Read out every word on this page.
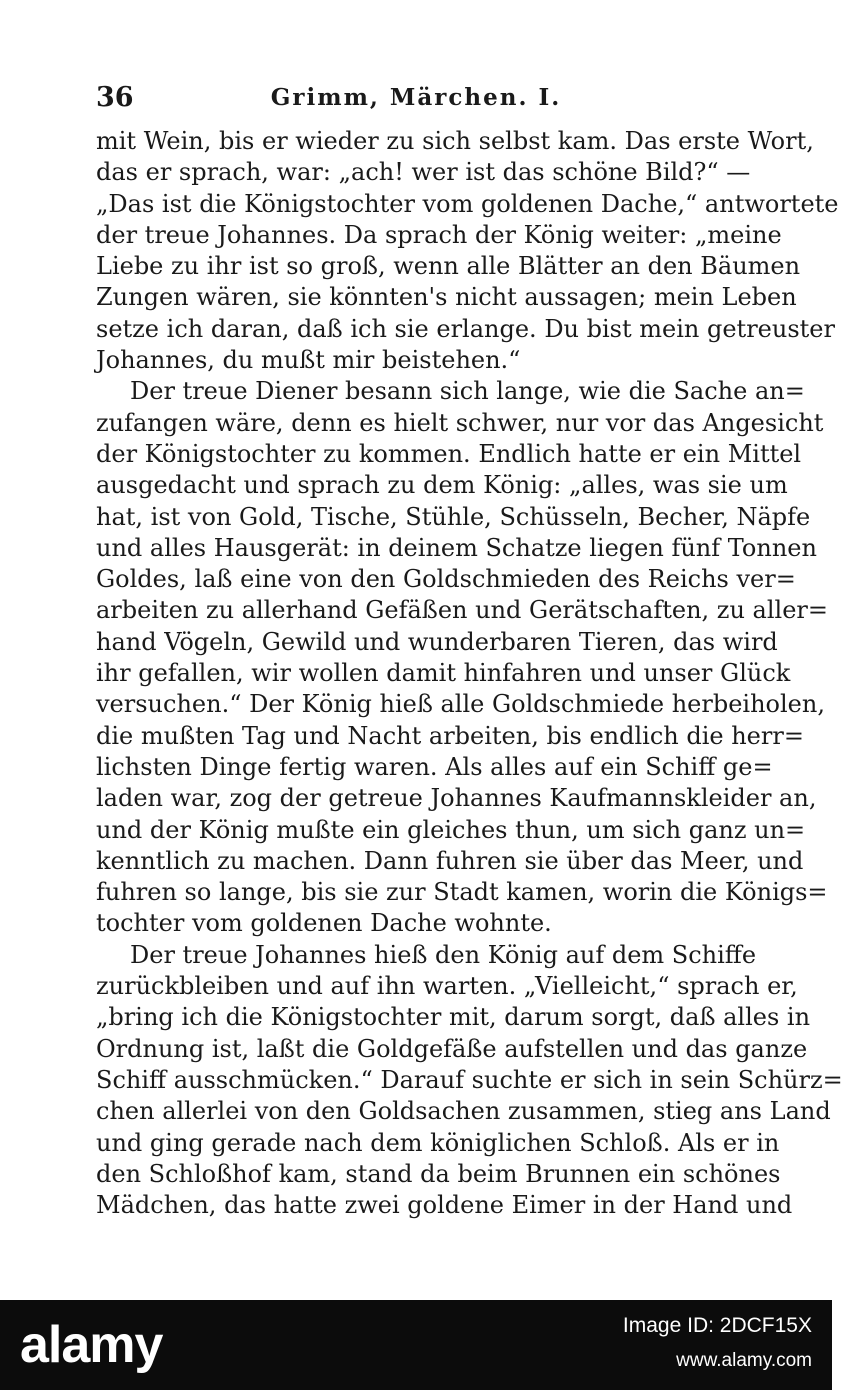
36	Grimm, Märchen. I.
mit Wein, bis er wieder zu sich selbst kam. Das erste Wort,
das er sprach, war: „ach! wer ist das schöne Bild?“ —
„Das ist die Königstochter vom goldenen Dache,“ antwortete
der treue Johannes. Da sprach der König weiter: „meine
Liebe zu ihr ist so groß, wenn alle Blätter an den Bäumen
Zungen wären, sie könnten's nicht aussagen; mein Leben
setze ich daran, daß ich sie erlange. Du bist mein getreuster
Johannes, du mußt mir beistehen.“
Der treue Diener besann sich lange, wie die Sache an=
zufangen wäre, denn es hielt schwer, nur vor das Angesicht
der Königstochter zu kommen. Endlich hatte er ein Mittel
ausgedacht und sprach zu dem König: „alles, was sie um
hat, ist von Gold, Tische, Stühle, Schüsseln, Becher, Näpfe
und alles Hausgerät: in deinem Schatze liegen fünf Tonnen
Goldes, laß eine von den Goldschmieden des Reichs ver=
arbeiten zu allerhand Gefäßen und Gerätschaften, zu aller=
hand Vögeln, Gewild und wunderbaren Tieren, das wird
ihr gefallen, wir wollen damit hinfahren und unser Glück
versuchen.“ Der König hieß alle Goldschmiede herbeiholen,
die mußten Tag und Nacht arbeiten, bis endlich die herr=
lichsten Dinge fertig waren. Als alles auf ein Schiff ge=
laden war, zog der getreue Johannes Kaufmannskleider an,
und der König mußte ein gleiches thun, um sich ganz un=
kenntlich zu machen. Dann fuhren sie über das Meer, und
fuhren so lange, bis sie zur Stadt kamen, worin die Königs=
tochter vom goldenen Dache wohnte.
Der treue Johannes hieß den König auf dem Schiffe
zurückbleiben und auf ihn warten. „Vielleicht,“ sprach er,
„bring ich die Königstochter mit, darum sorgt, daß alles in
Ordnung ist, laßt die Goldgefäße aufstellen und das ganze
Schiff ausschmücken.“ Darauf suchte er sich in sein Schürz=
chen allerlei von den Goldsachen zusammen, stieg ans Land
und ging gerade nach dem königlichen Schloß. Als er in
den Schloßhof kam, stand da beim Brunnen ein schönes
Mädchen, das hatte zwei goldene Eimer in der Hand und
alamy	Image ID: 2DCF15X
www.alamy.com
